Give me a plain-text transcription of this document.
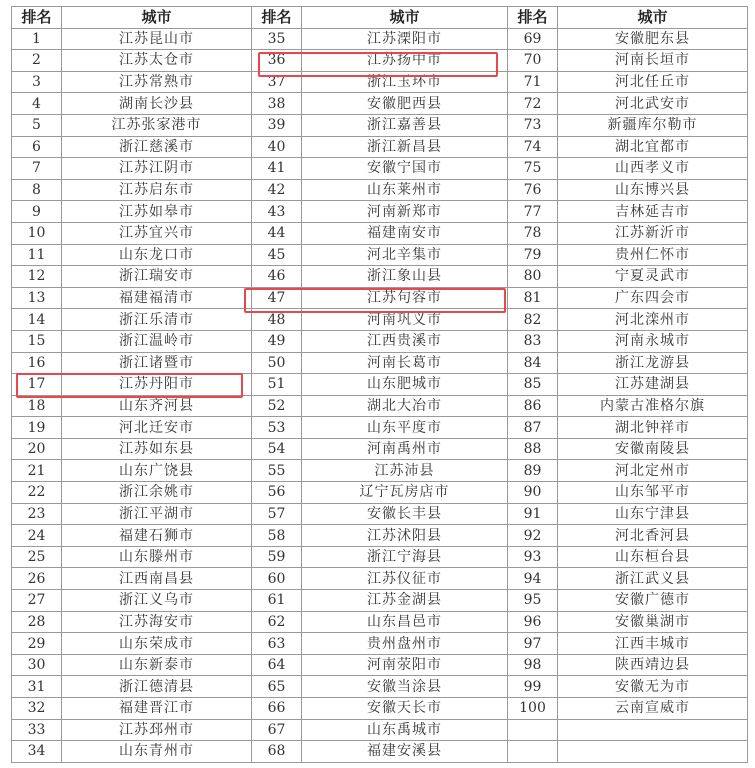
排名	城市	排名	城市	排名	城市
1	江苏昆山市	35	江苏溧阳市	69	安徽肥东县
2	江苏太仓市	36	江苏扬中市	70	河南长垣市
3	江苏常熟市	37	浙江玉环市	71	河北任丘市
4	湖南长沙县	38	安徽肥西县	72	河北武安市
5	江苏张家港市	39	浙江嘉善县	73	新疆库尔勒市
6	浙江慈溪市	40	浙江新昌县	74	湖北宜都市
7	江苏江阴市	41	安徽宁国市	75	山西孝义市
8	江苏启东市	42	山东莱州市	76	山东博兴县
9	江苏如皋市	43	河南新郑市	77	吉林延吉市
10	江苏宜兴市	44	福建南安市	78	江苏新沂市
11	山东龙口市	45	河北辛集市	79	贵州仁怀市
12	浙江瑞安市	46	浙江象山县	80	宁夏灵武市
13	福建福清市	47	江苏句容市	81	广东四会市
14	浙江乐清市	48	河南巩义市	82	河北滦州市
15	浙江温岭市	49	江西贵溪市	83	河南永城市
16	浙江诸暨市	50	河南长葛市	84	浙江龙游县
17	江苏丹阳市	51	山东肥城市	85	江苏建湖县
18	山东齐河县	52	湖北大冶市	86	内蒙古准格尔旗
19	河北迁安市	53	山东平度市	87	湖北钟祥市
20	江苏如东县	54	河南禹州市	88	安徽南陵县
21	山东广饶县	55	江苏沛县	89	河北定州市
22	浙江余姚市	56	辽宁瓦房店市	90	山东邹平市
23	浙江平湖市	57	安徽长丰县	91	山东宁津县
24	福建石狮市	58	江苏沭阳县	92	河北香河县
25	山东滕州市	59	浙江宁海县	93	山东桓台县
26	江西南昌县	60	江苏仪征市	94	浙江武义县
27	浙江义乌市	61	江苏金湖县	95	安徽广德市
28	江苏海安市	62	山东昌邑市	96	安徽巢湖市
29	山东荣成市	63	贵州盘州市	97	江西丰城市
30	山东新泰市	64	河南荥阳市	98	陕西靖边县
31	浙江德清县	65	安徽当涂县	99	安徽无为市
32	福建晋江市	66	安徽天长市	100	云南宣威市
33	江苏邳州市	67	山东禹城市		
34	山东青州市	68	福建安溪县		
